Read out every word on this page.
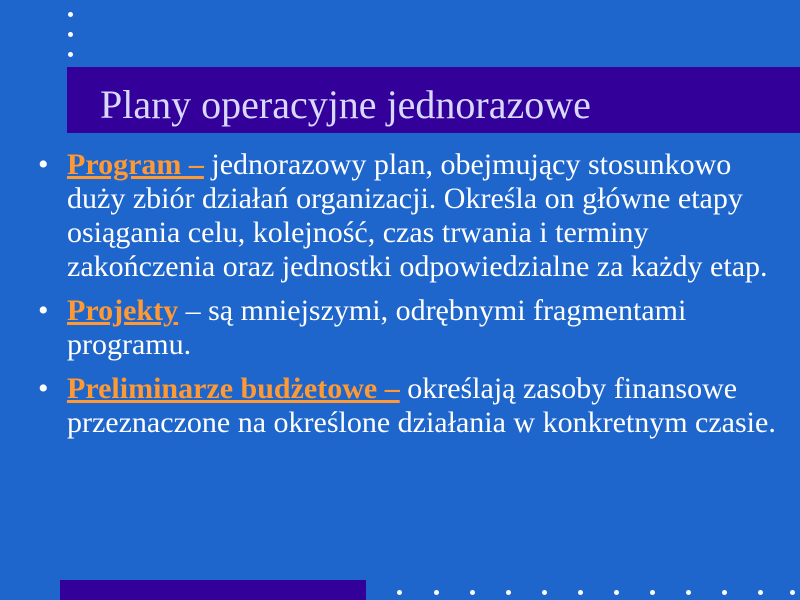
Plany operacyjne jednorazowe
• Program – jednorazowy plan, obejmujący stosunkowo duży zbiór działań organizacji. Określa on główne etapy osiągania celu, kolejność, czas trwania i terminy zakończenia oraz jednostki odpowiedzialne za każdy etap.
• Projekty – są mniejszymi, odrębnymi fragmentami programu.
• Preliminarze budżetowe – określają zasoby finansowe przeznaczone na określone działania w konkretnym czasie.
